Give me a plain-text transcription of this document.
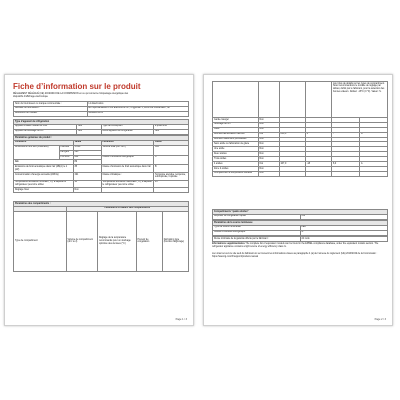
Fiche d’information sur le produit
RÈGLEMENT DÉLÉGUÉ (UE) 2019/2016 DE LA COMMISSION en ce qui concerne l’étiquetage énergétique des
dispositifs d’affichage électronique
Nom du fournisseur ou marque commerciale :	LG Electronics
Adresse du fournisseur :	EU representative of LG Electronics Inc.; Krijgsman 1, 1186 DM Amstelveen, NL
Référence du modèle :	GBB92STAXP
Type d’appareil de réfrigération			
Appareil à faible niveau de bruit	Non	Type de conception	à pose libre
Appareil de stockage du vin	Non	Autre appareil de réfrigération	Non
Paramètres généraux du produit :				
Paramètre		Valeur	Paramètre	Valeur
Dimensions hors tout (millimètre)	Hau-teur	1 860	Volume total (dm³ ou l)	384
	Lar-geur	595		
	Pro-fond	682	Classe d’efficacité énergétique	C
IEE		89		
Émissions de bruit acoustique dans l’air (dB(A) re 1 pW)		35	Classe d’émission de bruit acoustique dans l’air	B
Consommation d’énergie annuelle (kWh/a)		191	Classe climatique :	Tempérée étendue, tempérée, subtropicale, tropicale
Température ambiante minimale (°C), à laquelle le réfrigérateur peut être utilisé		10	Température ambiante maximale (°C), à laquelle le réfrigérateur peut être utilisé	43
Réglage hiver		Non		
Paramètres des compartiments :				
	Paramètres et valeurs des compartiments			
Type de compartiment	Volume de compartiment (dm³ ou l)	Réglage de la température recommandé pour un stockage optimisé des denrées (°C)	Pouvoir de congélation	Defrosting type (fonction dégivrage)
Page 1 / 3
				pour plus de détails sur les types de compartiment. Nous recommandons le modèle de réglage par défaut, défini par le fabricant, pour la sélection des bonnes valeurs. Défaut: -18°C (0 °F). Valeur: S.	
Garde-manger	Non				
Stockage du vin	Non				
Cave	Non				
Denrées alimentaires fraîches	Oui	236,0	4	-	A
Denrées hautement périssables	Non				
Sans étoile ou fabrication de glace	Non				
Une étoile	Non				
Deux étoiles	Non				
Trois étoiles	Non				
4 étoiles	Oui	107,0	-18	8,0	A
Zone 2 étoiles	Non				
Compartiment à température variable	Non				
Compartiments "quatre étoiles"
Dispositif de congélation rapide	Oui
Paramètres de la source lumineuse	
Type de source lumineuse	LED
Classe d’efficacité énergétique	G
Durée minimale de la garantie offerte par le fabricant :	24 mois
Informations supplémentaires The complete list of equivalent models can be found in the EPREL compliance database, under the equivalent models section. The refrigerator appliance contains a light source of energy efficiency class G.
Lien internet vers le site web du fabricant où se trouvent les informations visées au paragraphe 4 (a) de l’annexe du règlement (UE) 2019/2019 de la Commission : https://www.lg.com/fr/support/product-manual
Page 2 / 3
